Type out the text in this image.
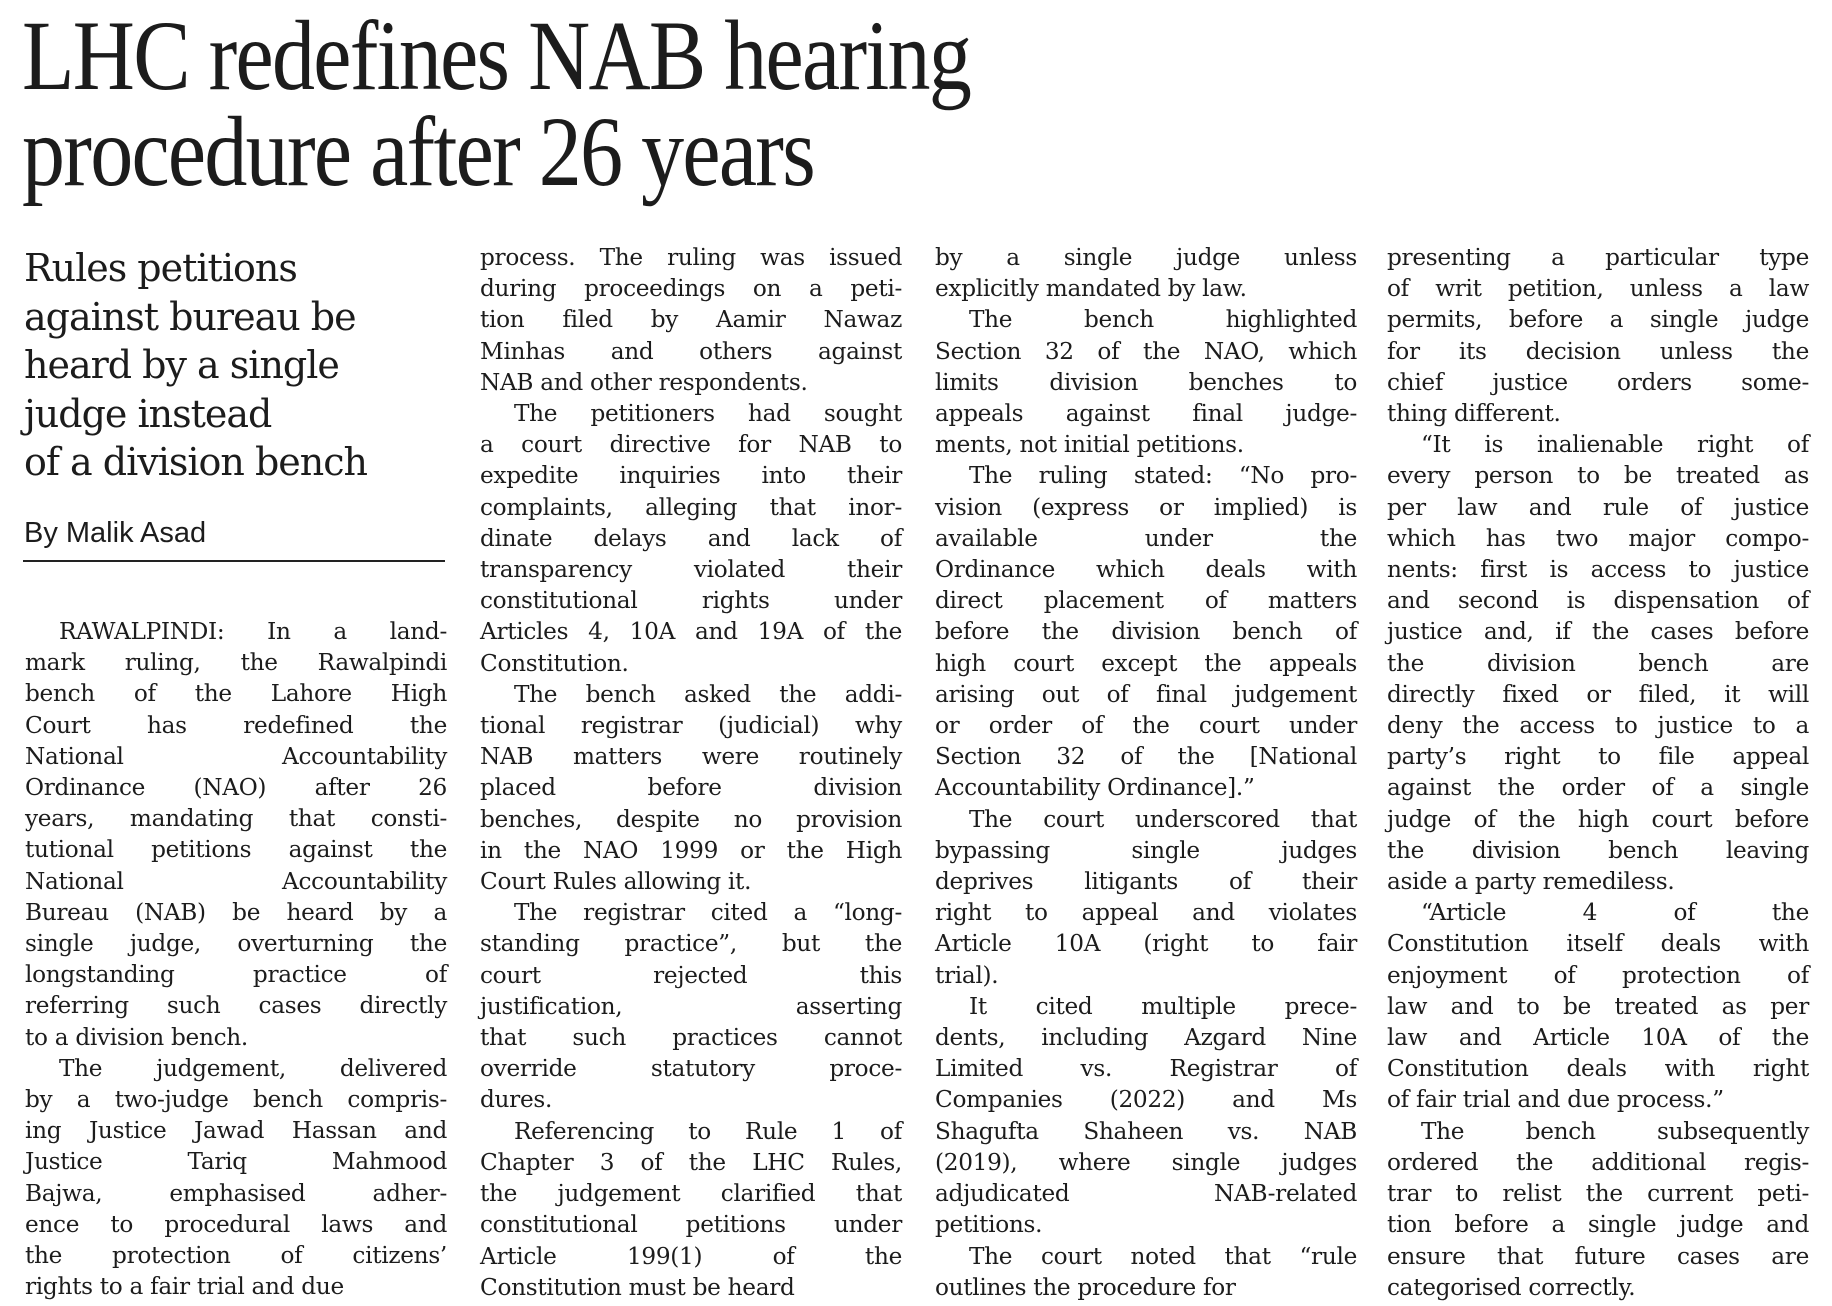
LHC redefines NAB hearing
procedure after 26 years
Rules petitions
against bureau be
heard by a single
judge instead
of a division bench
By Malik Asad

RAWALPINDI: In a land-
mark ruling, the Rawalpindi
bench of the Lahore High
Court has redefined the
National Accountability
Ordinance (NAO) after 26
years, mandating that consti-
tutional petitions against the
National Accountability
Bureau (NAB) be heard by a
single judge, overturning the
longstanding practice of
referring such cases directly
to a division bench.

The judgement, delivered
by a two-judge bench compris-
ing Justice Jawad Hassan and
Justice Tariq Mahmood
Bajwa, emphasised adher-
ence to procedural laws and
the protection of citizens’
rights to a fair trial and due

process. The ruling was issued
during proceedings on a peti-
tion filed by Aamir Nawaz
Minhas and others against
NAB and other respondents.

The petitioners had sought
a court directive for NAB to
expedite inquiries into their
complaints, alleging that inor-
dinate delays and lack of
transparency violated their
constitutional rights under
Articles 4, 10A and 19A of the
Constitution.

The bench asked the addi-
tional registrar (judicial) why
NAB matters were routinely
placed before division
benches, despite no provision
in the NAO 1999 or the High
Court Rules allowing it.

The registrar cited a “long-
standing practice”, but the
court rejected this
justification, asserting
that such practices cannot
override statutory proce-
dures.

Referencing to Rule 1 of
Chapter 3 of the LHC Rules,
the judgement clarified that
constitutional petitions under
Article 199(1) of the
Constitution must be heard

by a single judge unless
explicitly mandated by law.

The bench highlighted
Section 32 of the NAO, which
limits division benches to
appeals against final judge-
ments, not initial petitions.

The ruling stated: “No pro-
vision (express or implied) is
available under the
Ordinance which deals with
direct placement of matters
before the division bench of
high court except the appeals
arising out of final judgement
or order of the court under
Section 32 of the [National
Accountability Ordinance].”

The court underscored that
bypassing single judges
deprives litigants of their
right to appeal and violates
Article 10A (right to fair
trial).

It cited multiple prece-
dents, including Azgard Nine
Limited vs. Registrar of
Companies (2022) and Ms
Shagufta Shaheen vs. NAB
(2019), where single judges
adjudicated NAB-related
petitions.

The court noted that “rule
outlines the procedure for

presenting a particular type
of writ petition, unless a law
permits, before a single judge
for its decision unless the
chief justice orders some-
thing different.

“It is inalienable right of
every person to be treated as
per law and rule of justice
which has two major compo-
nents: first is access to justice
and second is dispensation of
justice and, if the cases before
the division bench are
directly fixed or filed, it will
deny the access to justice to a
party’s right to file appeal
against the order of a single
judge of the high court before
the division bench leaving
aside a party remediless.

“Article 4 of the
Constitution itself deals with
enjoyment of protection of
law and to be treated as per
law and Article 10A of the
Constitution deals with right
of fair trial and due process.”

The bench subsequently
ordered the additional regis-
trar to relist the current peti-
tion before a single judge and
ensure that future cases are
categorised correctly.
